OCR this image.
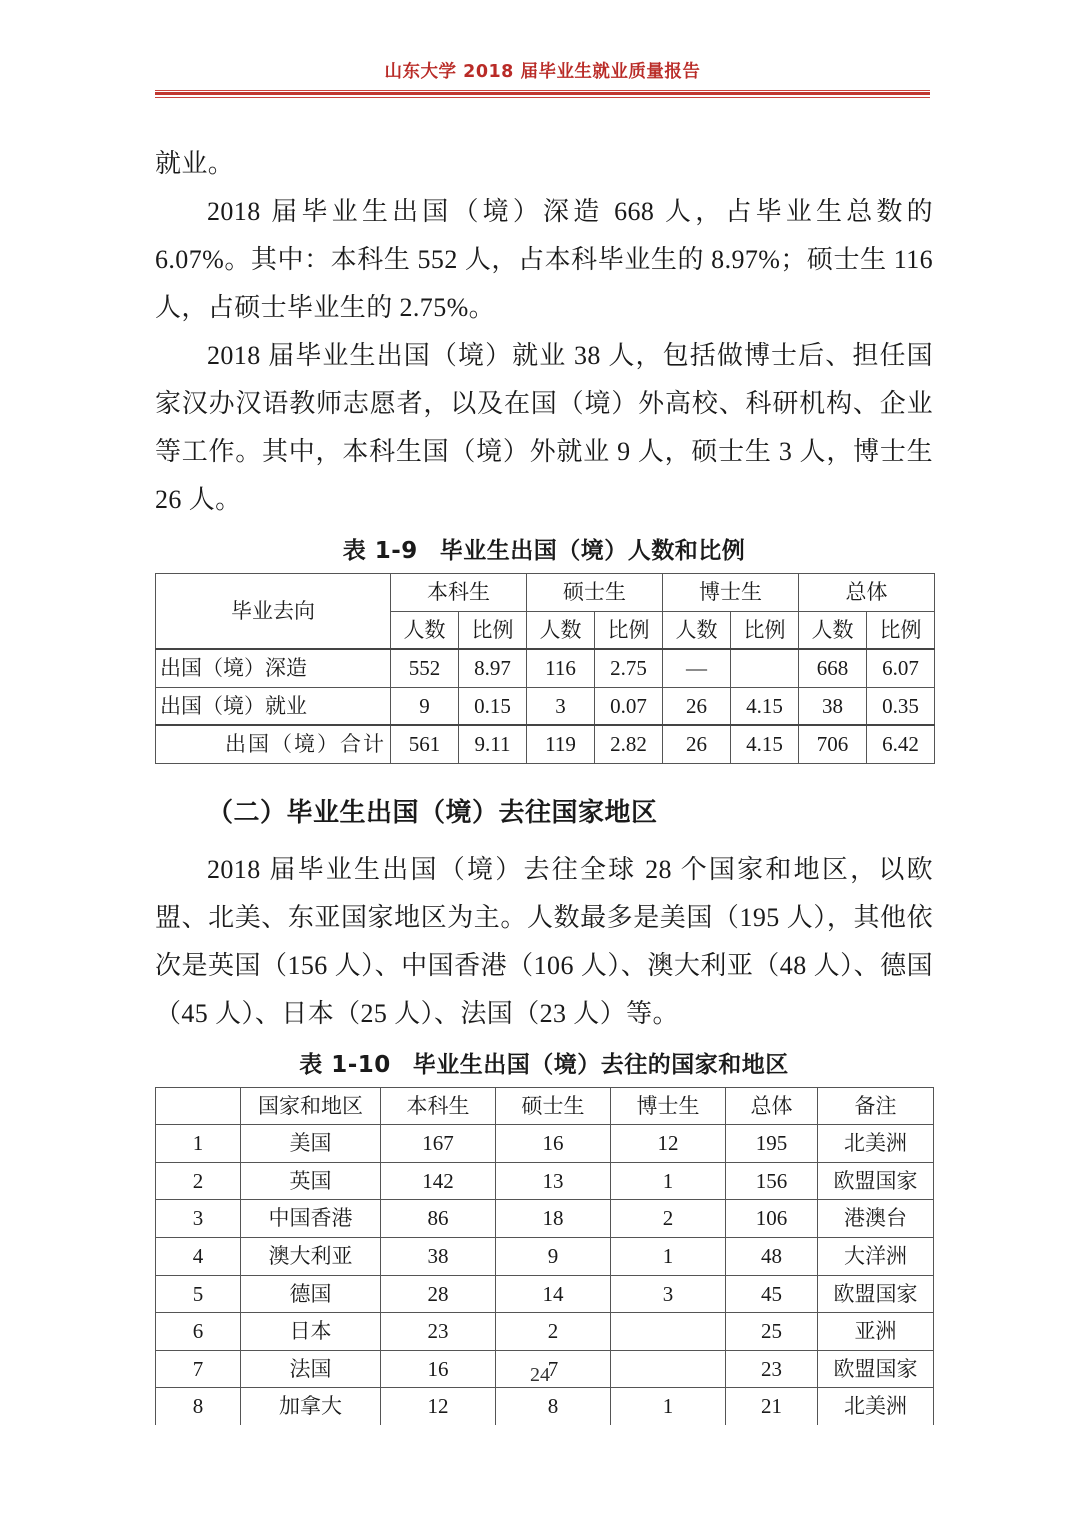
山东大学 2018 届毕业生就业质量报告

就业。

2018 届毕业生出国（境）深造 668 人，占毕业生总数的 6.07%。其中：本科生 552 人，占本科毕业生的 8.97%；硕士生 116 人，占硕士毕业生的 2.75%。

2018 届毕业生出国（境）就业 38 人，包括做博士后、担任国家汉办汉语教师志愿者，以及在国（境）外高校、科研机构、企业等工作。其中，本科生国（境）外就业 9 人，硕士生 3 人，博士生 26 人。

表 1-9 毕业生出国（境）人数和比例
毕业去向	本科生		硕士生		博士生		总体	
	人数	比例	人数	比例	人数	比例	人数	比例
出国（境）深造	552	8.97	116	2.75	—		668	6.07
出国（境）就业	9	0.15	3	0.07	26	4.15	38	0.35
出国（境）合计	561	9.11	119	2.82	26	4.15	706	6.42
（二）毕业生出国（境）去往国家地区

2018 届毕业生出国（境）去往全球 28 个国家和地区，以欧盟、北美、东亚国家地区为主。人数最多是美国（195 人），其他依次是英国（156 人）、中国香港（106 人）、澳大利亚（48 人）、德国（45 人）、日本（25 人）、法国（23 人）等。

表 1-10 毕业生出国（境）去往的国家和地区
	国家和地区	本科生	硕士生	博士生	总体	备注
1	美国	167	16	12	195	北美洲
2	英国	142	13	1	156	欧盟国家
3	中国香港	86	18	2	106	港澳台
4	澳大利亚	38	9	1	48	大洋洲
5	德国	28	14	3	45	欧盟国家
6	日本	23	2		25	亚洲
7	法国	16	7		23	欧盟国家
8	加拿大	12	8	1	21	北美洲
24
